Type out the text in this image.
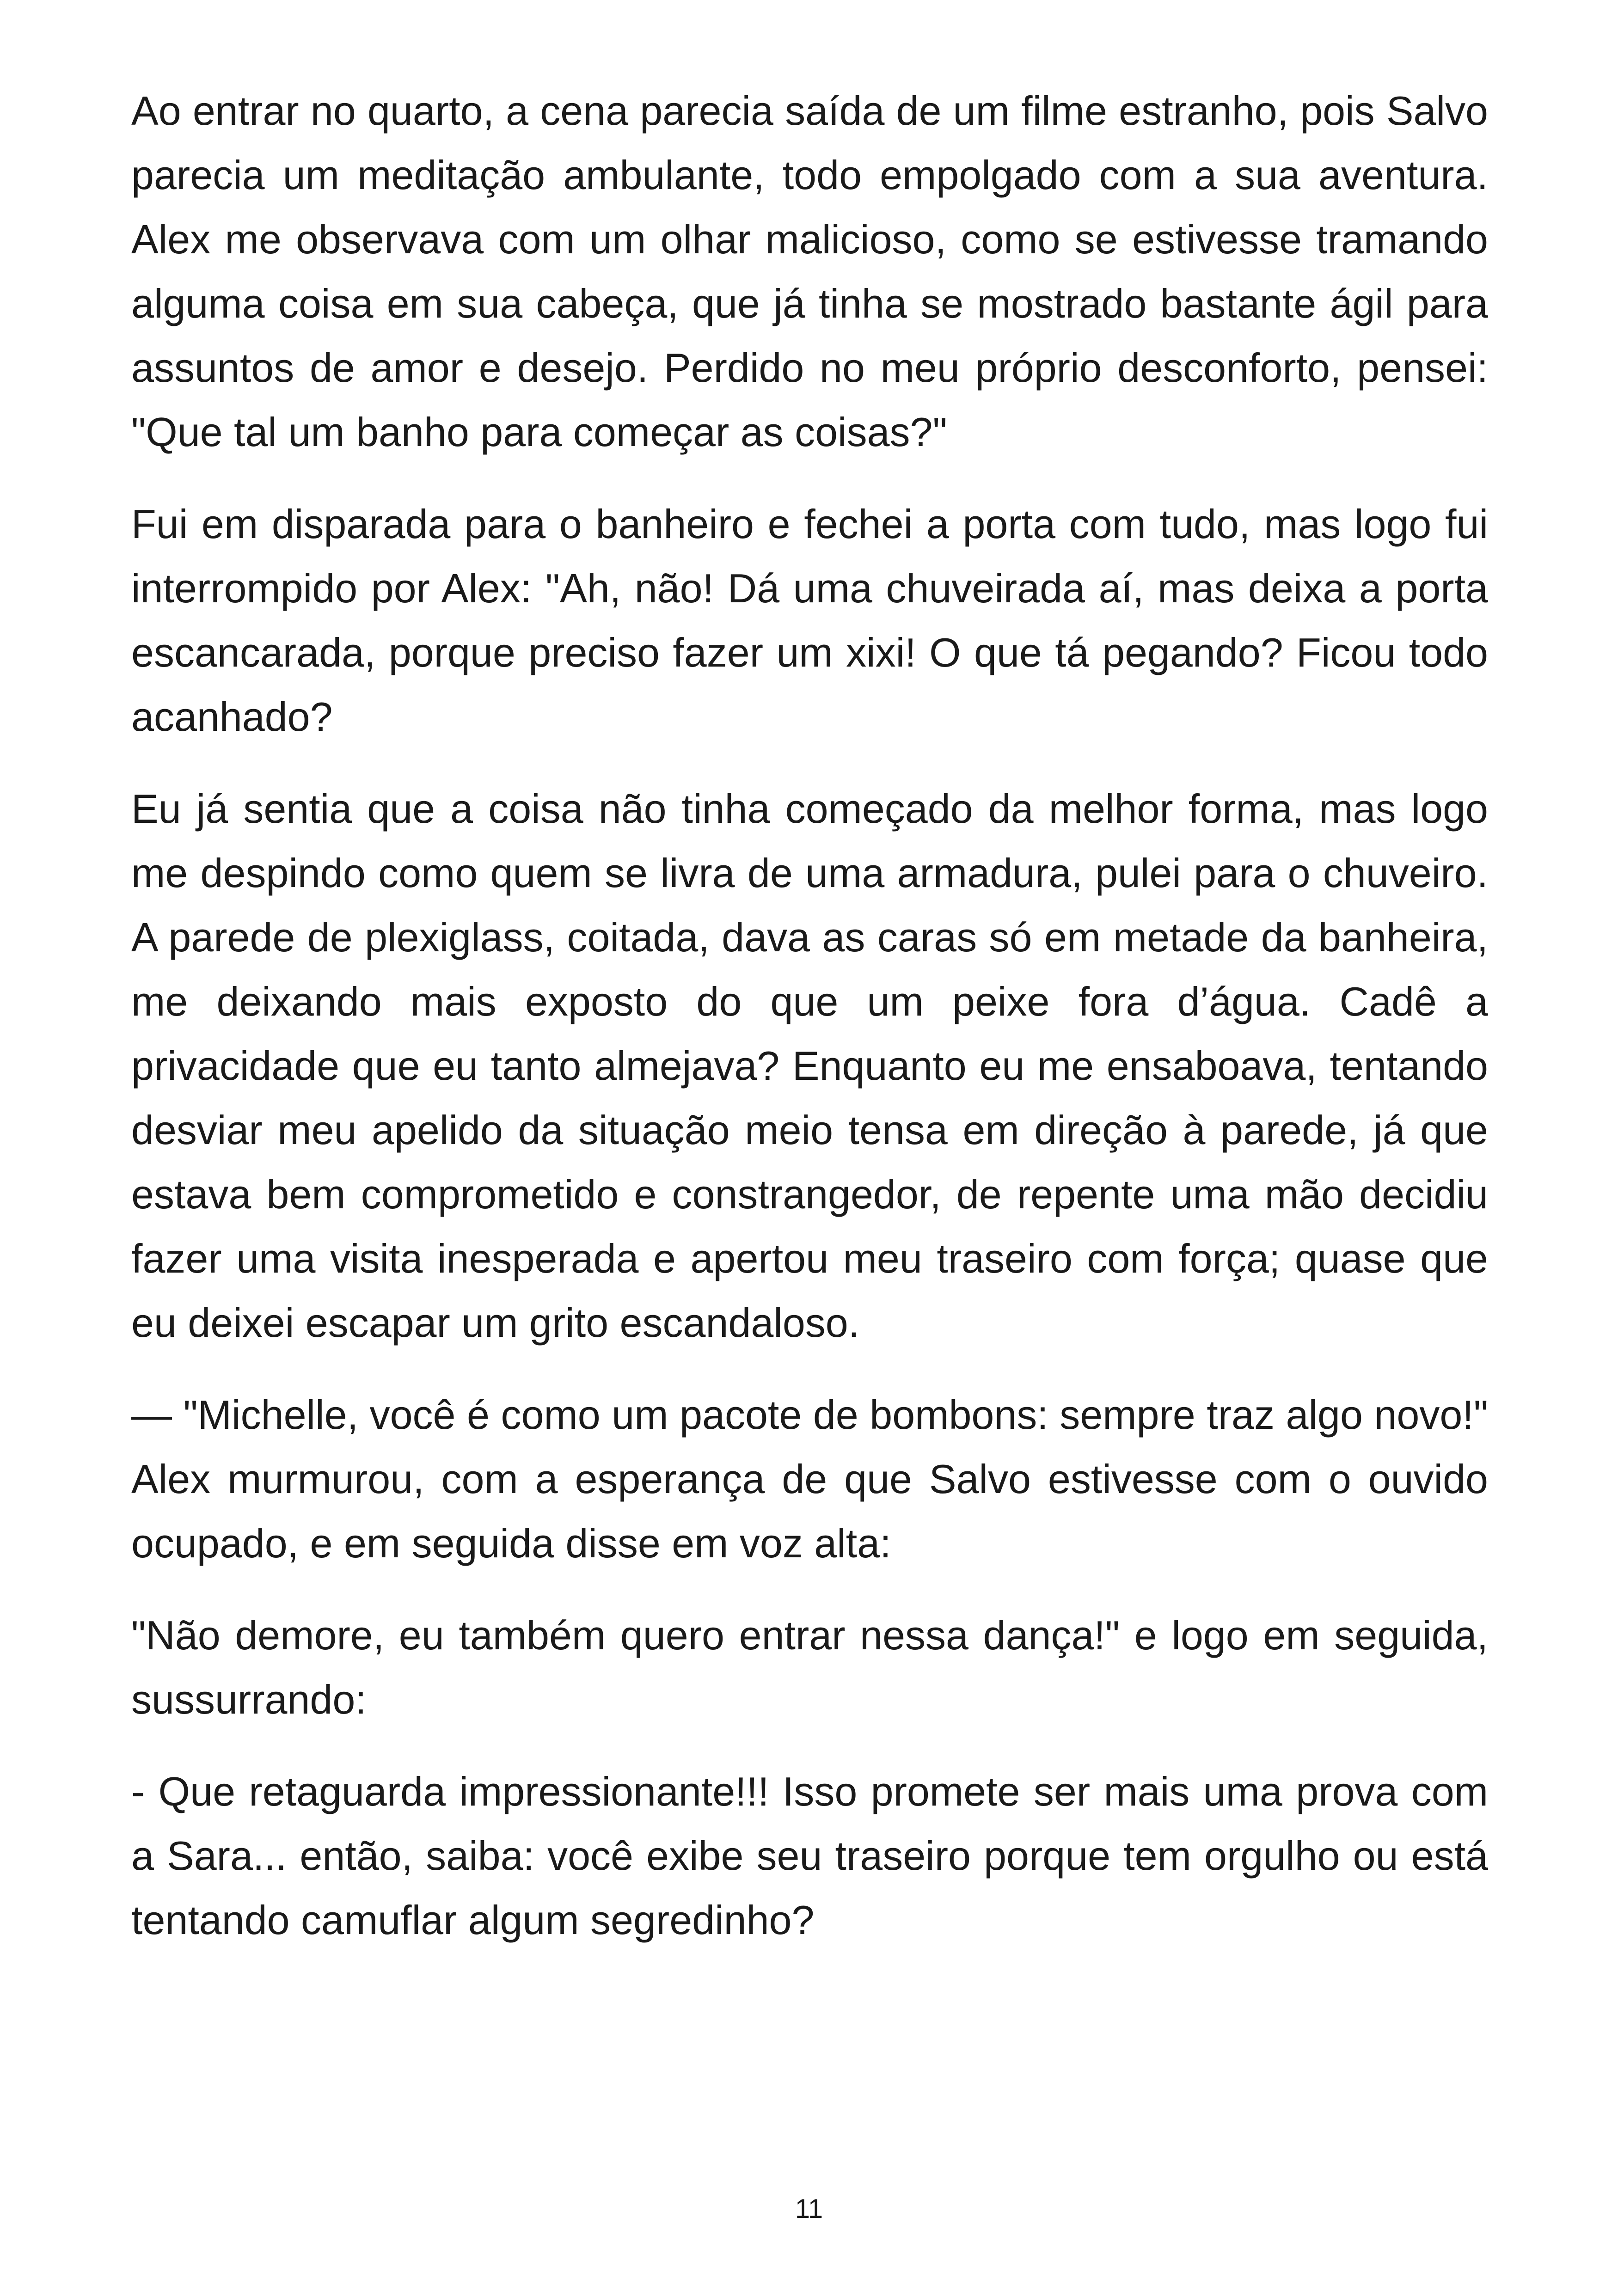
Ao entrar no quarto, a cena parecia saída de um filme estranho, pois Salvo parecia um meditação ambulante, todo empolgado com a sua aventura. Alex me observava com um olhar malicioso, como se estivesse tramando alguma coisa em sua cabeça, que já tinha se mostrado bastante ágil para assuntos de amor e desejo. Perdido no meu próprio desconforto, pensei: "Que tal um banho para começar as coisas?"

Fui em disparada para o banheiro e fechei a porta com tudo, mas logo fui interrompido por Alex: "Ah, não! Dá uma chuveirada aí, mas deixa a porta escancarada, porque preciso fazer um xixi! O que tá pegando? Ficou todo acanhado?

Eu já sentia que a coisa não tinha começado da melhor forma, mas logo me despindo como quem se livra de uma armadura, pulei para o chuveiro. A parede de plexiglass, coitada, dava as caras só em metade da banheira, me deixando mais exposto do que um peixe fora d’água. Cadê a privacidade que eu tanto almejava? Enquanto eu me ensaboava, tentando desviar meu apelido da situação meio tensa em direção à parede, já que estava bem comprometido e constrangedor, de repente uma mão decidiu fazer uma visita inesperada e apertou meu traseiro com força; quase que eu deixei escapar um grito escandaloso.

— "Michelle, você é como um pacote de bombons: sempre traz algo novo!" Alex murmurou, com a esperança de que Salvo estivesse com o ouvido ocupado, e em seguida disse em voz alta:

"Não demore, eu também quero entrar nessa dança!" e logo em seguida, sussurrando:

- Que retaguarda impressionante!!! Isso promete ser mais uma prova com a Sara... então, saiba: você exibe seu traseiro porque tem orgulho ou está tentando camuflar algum segredinho?

11
